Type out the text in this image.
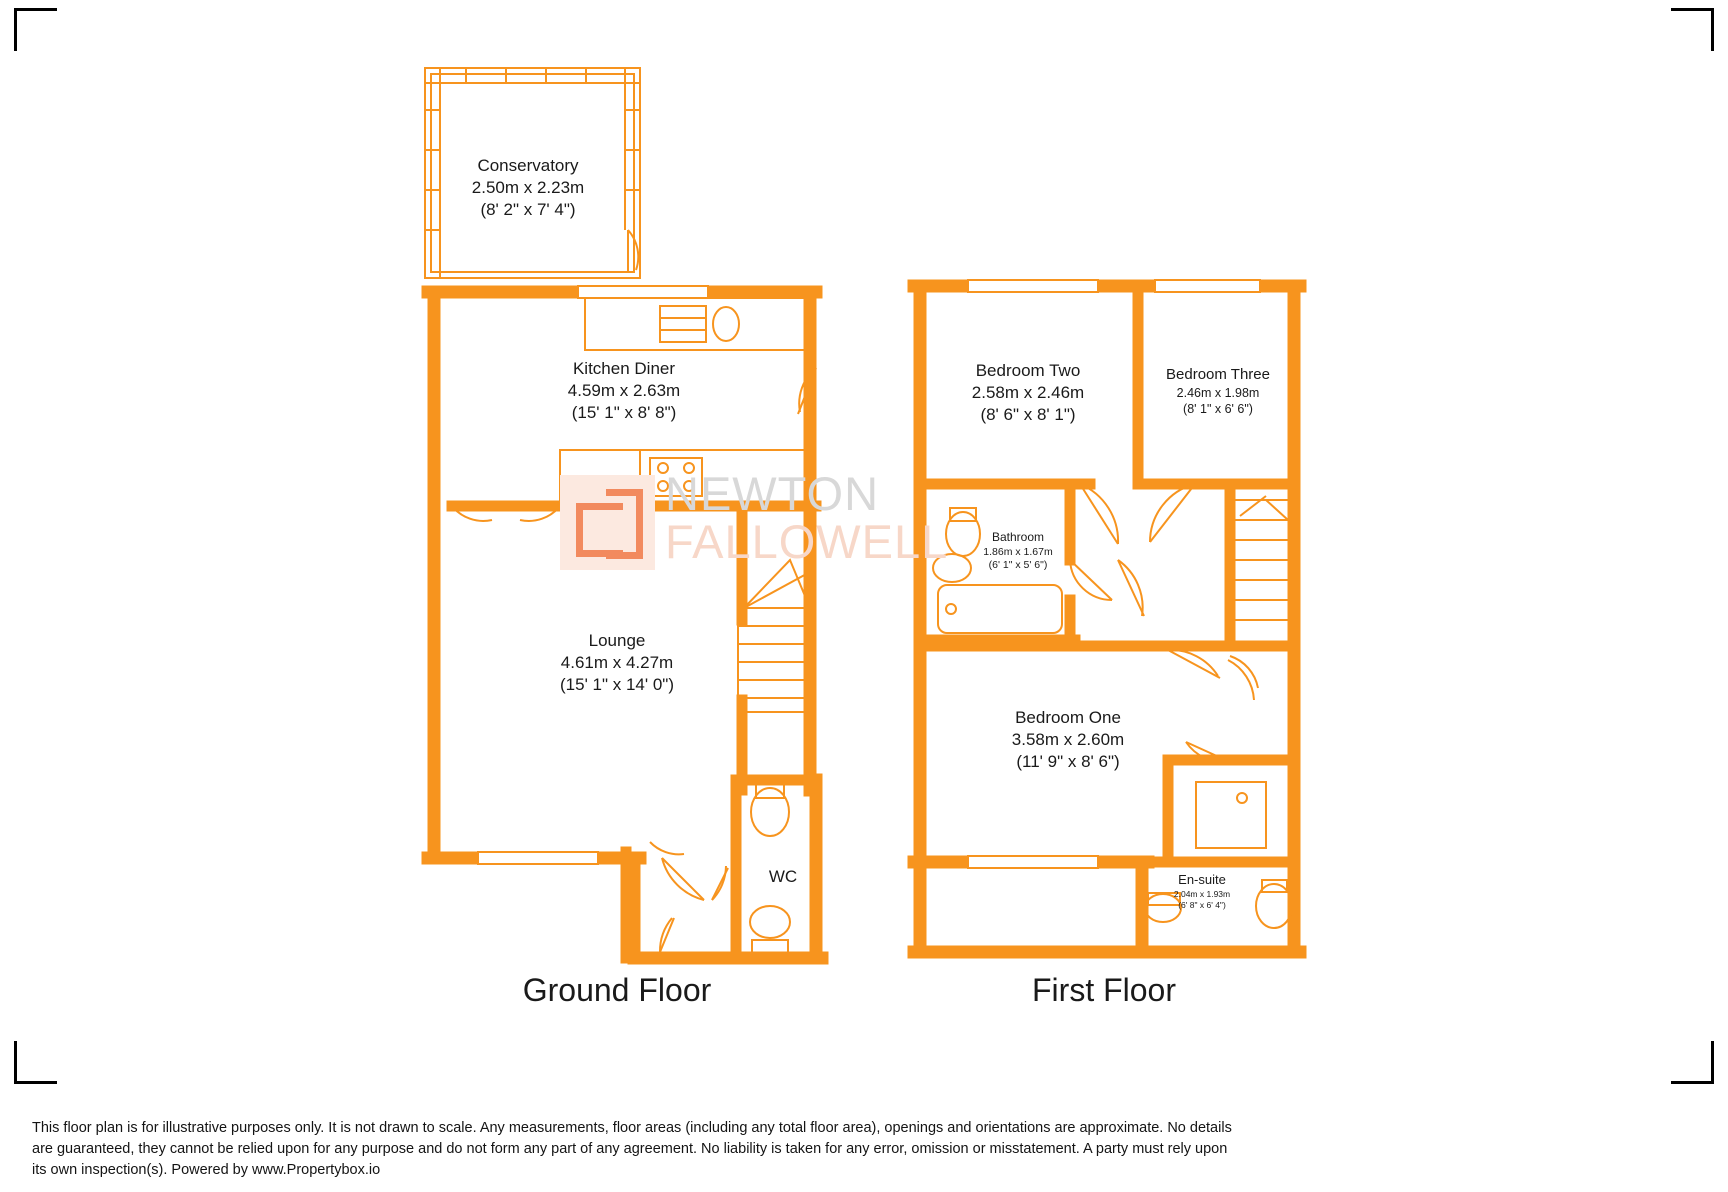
NEWTON
FALLOWELL
Conservatory
2.50m x 2.23m
(8' 2" x 7' 4")
Kitchen Diner
4.59m x 2.63m
(15' 1" x 8' 8")
Lounge
4.61m x 4.27m
(15' 1" x 14' 0")
WC
Bedroom Two
2.58m x 2.46m
(8' 6" x 8' 1")
Bedroom Three
2.46m x 1.98m
(8' 1" x 6' 6")
Bathroom
1.86m x 1.67m
(6' 1" x 5' 6")
Bedroom One
3.58m x 2.60m
(11' 9" x 8' 6")
En-suite
2.04m x 1.93m
(6' 8" x 6' 4")
Ground Floor	First Floor
This floor plan is for illustrative purposes only. It is not drawn to scale. Any measurements, floor areas (including any total floor area), openings and orientations are approximate. No details are guaranteed, they cannot be relied upon for any purpose and do not form any part of any agreement. No liability is taken for any error, omission or misstatement. A party must rely upon its own inspection(s). Powered by www.Propertybox.io
